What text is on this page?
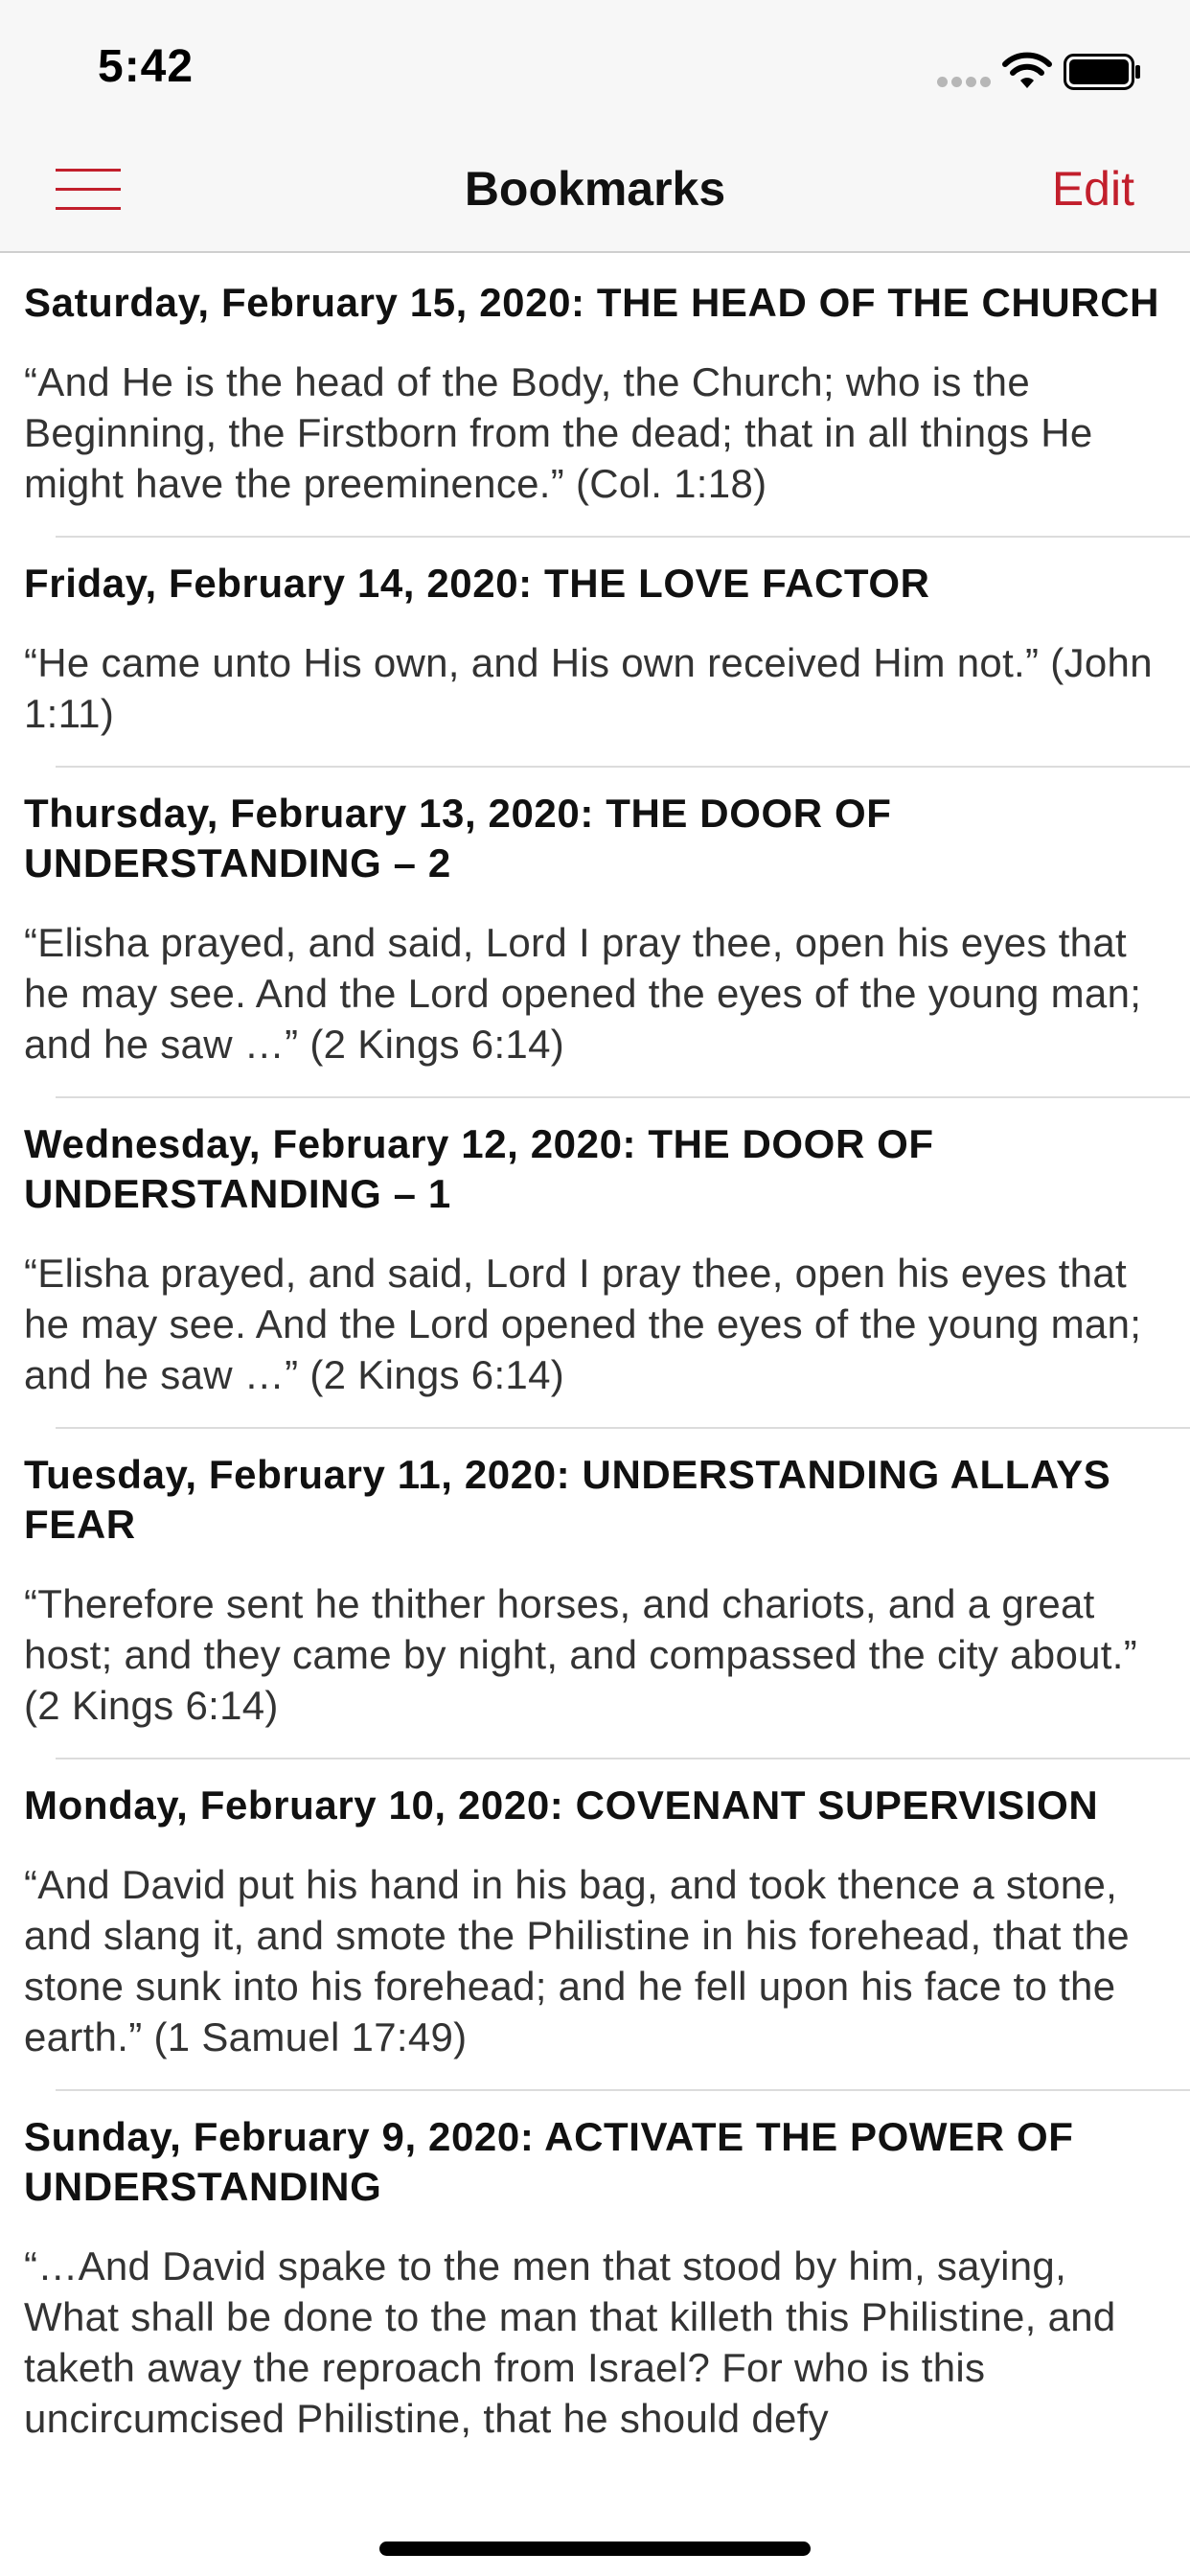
5:42
Bookmarks	Edit
Saturday, February 15, 2020: THE HEAD OF THE CHURCH
“And He is the head of the Body, the Church; who is the Beginning, the Firstborn from the dead; that in all things He might have the preeminence.” (Col. 1:18)
Friday, February 14, 2020: THE LOVE FACTOR
“He came unto His own, and His own received Him not.” (John 1:11)
Thursday, February 13, 2020: THE DOOR OF UNDERSTANDING – 2
“Elisha prayed, and said, Lord I pray thee, open his eyes that he may see. And the Lord opened the eyes of the young man; and he saw …” (2 Kings 6:14)
Wednesday, February 12, 2020: THE DOOR OF UNDERSTANDING – 1
“Elisha prayed, and said, Lord I pray thee, open his eyes that he may see. And the Lord opened the eyes of the young man; and he saw …” (2 Kings 6:14)
Tuesday, February 11, 2020: UNDERSTANDING ALLAYS FEAR
“Therefore sent he thither horses, and chariots, and a great host; and they came by night, and compassed the city about.” (2 Kings 6:14)
Monday, February 10, 2020: COVENANT SUPERVISION
“And David put his hand in his bag, and took thence a stone, and slang it, and smote the Philistine in his forehead, that the stone sunk into his forehead; and he fell upon his face to the earth.” (1 Samuel 17:49)
Sunday, February 9, 2020: ACTIVATE THE POWER OF UNDERSTANDING
“…And David spake to the men that stood by him, saying, What shall be done to the man that killeth this Philistine, and taketh away the reproach from Israel? For who is this uncircumcised Philistine, that he should defy
